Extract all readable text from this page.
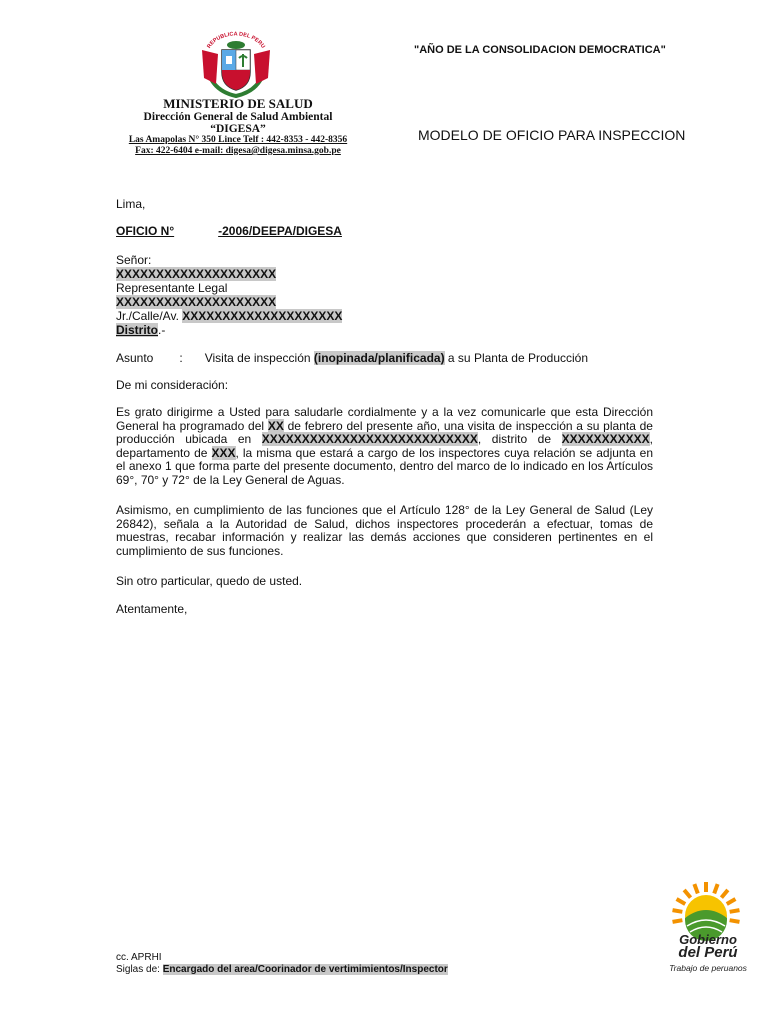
REPUBLICA DEL PERU
MINISTERIO DE SALUD
Dirección General de Salud Ambiental
“DIGESA”
Las Amapolas N° 350 Lince Telf : 442-8353 - 442-8356
Fax: 422-6404 e-mail: digesa@digesa.minsa.gob.pe
"AÑO DE LA CONSOLIDACION DEMOCRATICA"
MODELO DE OFICIO PARA INSPECCION
Lima,
OFICIO N°	-2006/DEEPA/DIGESA
Señor:
XXXXXXXXXXXXXXXXXXXX
Representante Legal
XXXXXXXXXXXXXXXXXXXX
Jr./Calle/Av. XXXXXXXXXXXXXXXXXXXX
Distrito.-
Asunto : Visita de inspección (inopinada/planificada) a su Planta de Producción
De mi consideración:
Es grato dirigirme a Usted para saludarle cordialmente y a la vez comunicarle que esta Dirección General ha programado del XX de febrero del presente año, una visita de inspección a su planta de producción ubicada en XXXXXXXXXXXXXXXXXXXXXXXXXXX, distrito de XXXXXXXXXXX, departamento de XXX, la misma que estará a cargo de los inspectores cuya relación se adjunta en el anexo 1 que forma parte del presente documento, dentro del marco de lo indicado en los Artículos 69°, 70° y 72° de la Ley General de Aguas.
Asimismo, en cumplimiento de las funciones que el Artículo 128° de la Ley General de Salud (Ley 26842), señala a la Autoridad de Salud, dichos inspectores procederán a efectuar, tomas de muestras, recabar información y realizar las demás acciones que consideren pertinentes en el cumplimiento de sus funciones.
Sin otro particular, quedo de usted.
Atentamente,
cc. APRHI
Siglas de: Encargado del area/Coorinador de vertimimientos/Inspector
Gobierno
del Perú
Trabajo de peruanos
